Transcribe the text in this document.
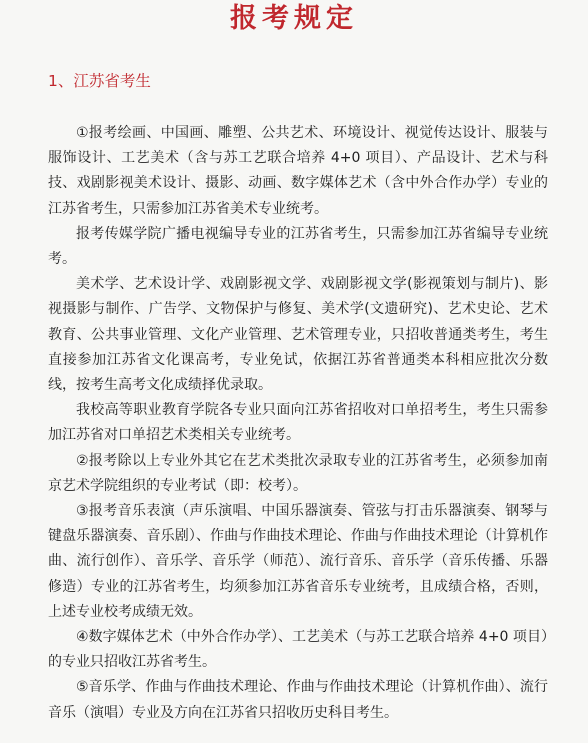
报考规定
1、江苏省考生

①报考绘画、中国画、雕塑、公共艺术、环境设计、视觉传达设计、服装与服饰设计、工艺美术（含与苏工艺联合培养 4+0 项目）、产品设计、艺术与科技、戏剧影视美术设计、摄影、动画、数字媒体艺术（含中外合作办学）专业的江苏省考生，只需参加江苏省美术专业统考。

报考传媒学院广播电视编导专业的江苏省考生，只需参加江苏省编导专业统考。

美术学、艺术设计学、戏剧影视文学、戏剧影视文学(影视策划与制片)、影视摄影与制作、广告学、文物保护与修复、美术学(文遗研究)、艺术史论、艺术教育、公共事业管理、文化产业管理、艺术管理专业，只招收普通类考生，考生直接参加江苏省文化课高考，专业免试，依据江苏省普通类本科相应批次分数线，按考生高考文化成绩择优录取。

我校高等职业教育学院各专业只面向江苏省招收对口单招考生，考生只需参加江苏省对口单招艺术类相关专业统考。

②报考除以上专业外其它在艺术类批次录取专业的江苏省考生，必须参加南京艺术学院组织的专业考试（即：校考）。

③报考音乐表演（声乐演唱、中国乐器演奏、管弦与打击乐器演奏、钢琴与键盘乐器演奏、音乐剧）、作曲与作曲技术理论、作曲与作曲技术理论（计算机作曲、流行创作）、音乐学、音乐学（师范）、流行音乐、音乐学（音乐传播、乐器修造）专业的江苏省考生，均须参加江苏省音乐专业统考，且成绩合格，否则，上述专业校考成绩无效。

④数字媒体艺术（中外合作办学）、工艺美术（与苏工艺联合培养 4+0 项目）的专业只招收江苏省考生。

⑤音乐学、作曲与作曲技术理论、作曲与作曲技术理论（计算机作曲）、流行音乐（演唱）专业及方向在江苏省只招收历史科目考生。
